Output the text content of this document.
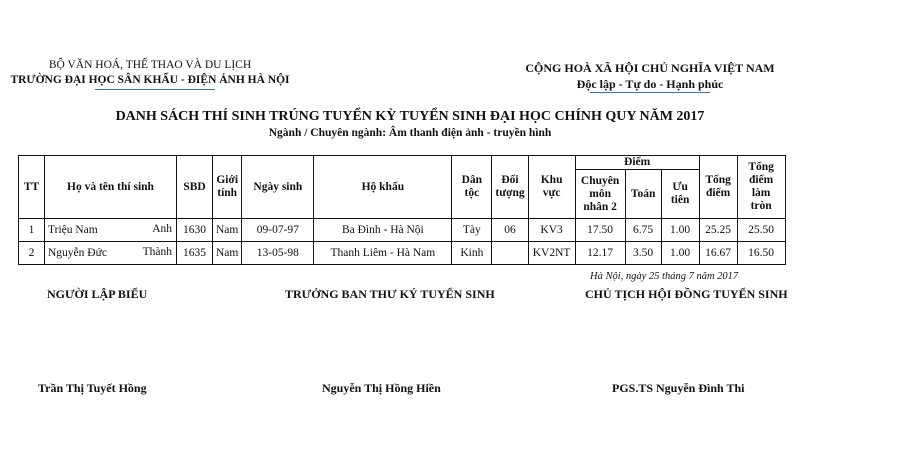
BỘ VĂN HOÁ, THỂ THAO VÀ DU LỊCH
TRƯỜNG ĐẠI HỌC SÂN KHẤU - ĐIỆN ẢNH HÀ NỘI
CỘNG HOÀ XÃ HỘI CHỦ NGHĨA VIỆT NAM
Độc lập - Tự do - Hạnh phúc
DANH SÁCH THÍ SINH TRÚNG TUYỂN KỲ TUYỂN SINH ĐẠI HỌC CHÍNH QUY NĂM 2017
Ngành / Chuyên ngành: Âm thanh điện ảnh - truyền hình
TT	Họ và tên thí sinh	SBD	Giới tính	Ngày sinh	Hộ khẩu	Dân tộc	Đối tượng	Khu vực	Điểm			Tổng điểm	Tổng điểm làm tròn
									Chuyên môn nhân 2	Toán	Ưu tiên		
1	Triệu Nam Anh	1630	Nam	09-07-97	Ba Đình - Hà Nội	Tày	06	KV3	17.50	6.75	1.00	25.25	25.50
2	Nguyễn Đức Thành	1635	Nam	13-05-98	Thanh Liêm - Hà Nam	Kinh		KV2NT	12.17	3.50	1.00	16.67	16.50
Hà Nội, ngày 25 tháng 7 năm 2017
NGƯỜI LẬP BIỂU	TRƯỞNG BAN THƯ KÝ TUYỂN SINH	CHỦ TỊCH HỘI ĐỒNG TUYỂN SINH
Trần Thị Tuyết Hồng	Nguyễn Thị Hồng Hiền	PGS.TS Nguyễn Đình Thi
